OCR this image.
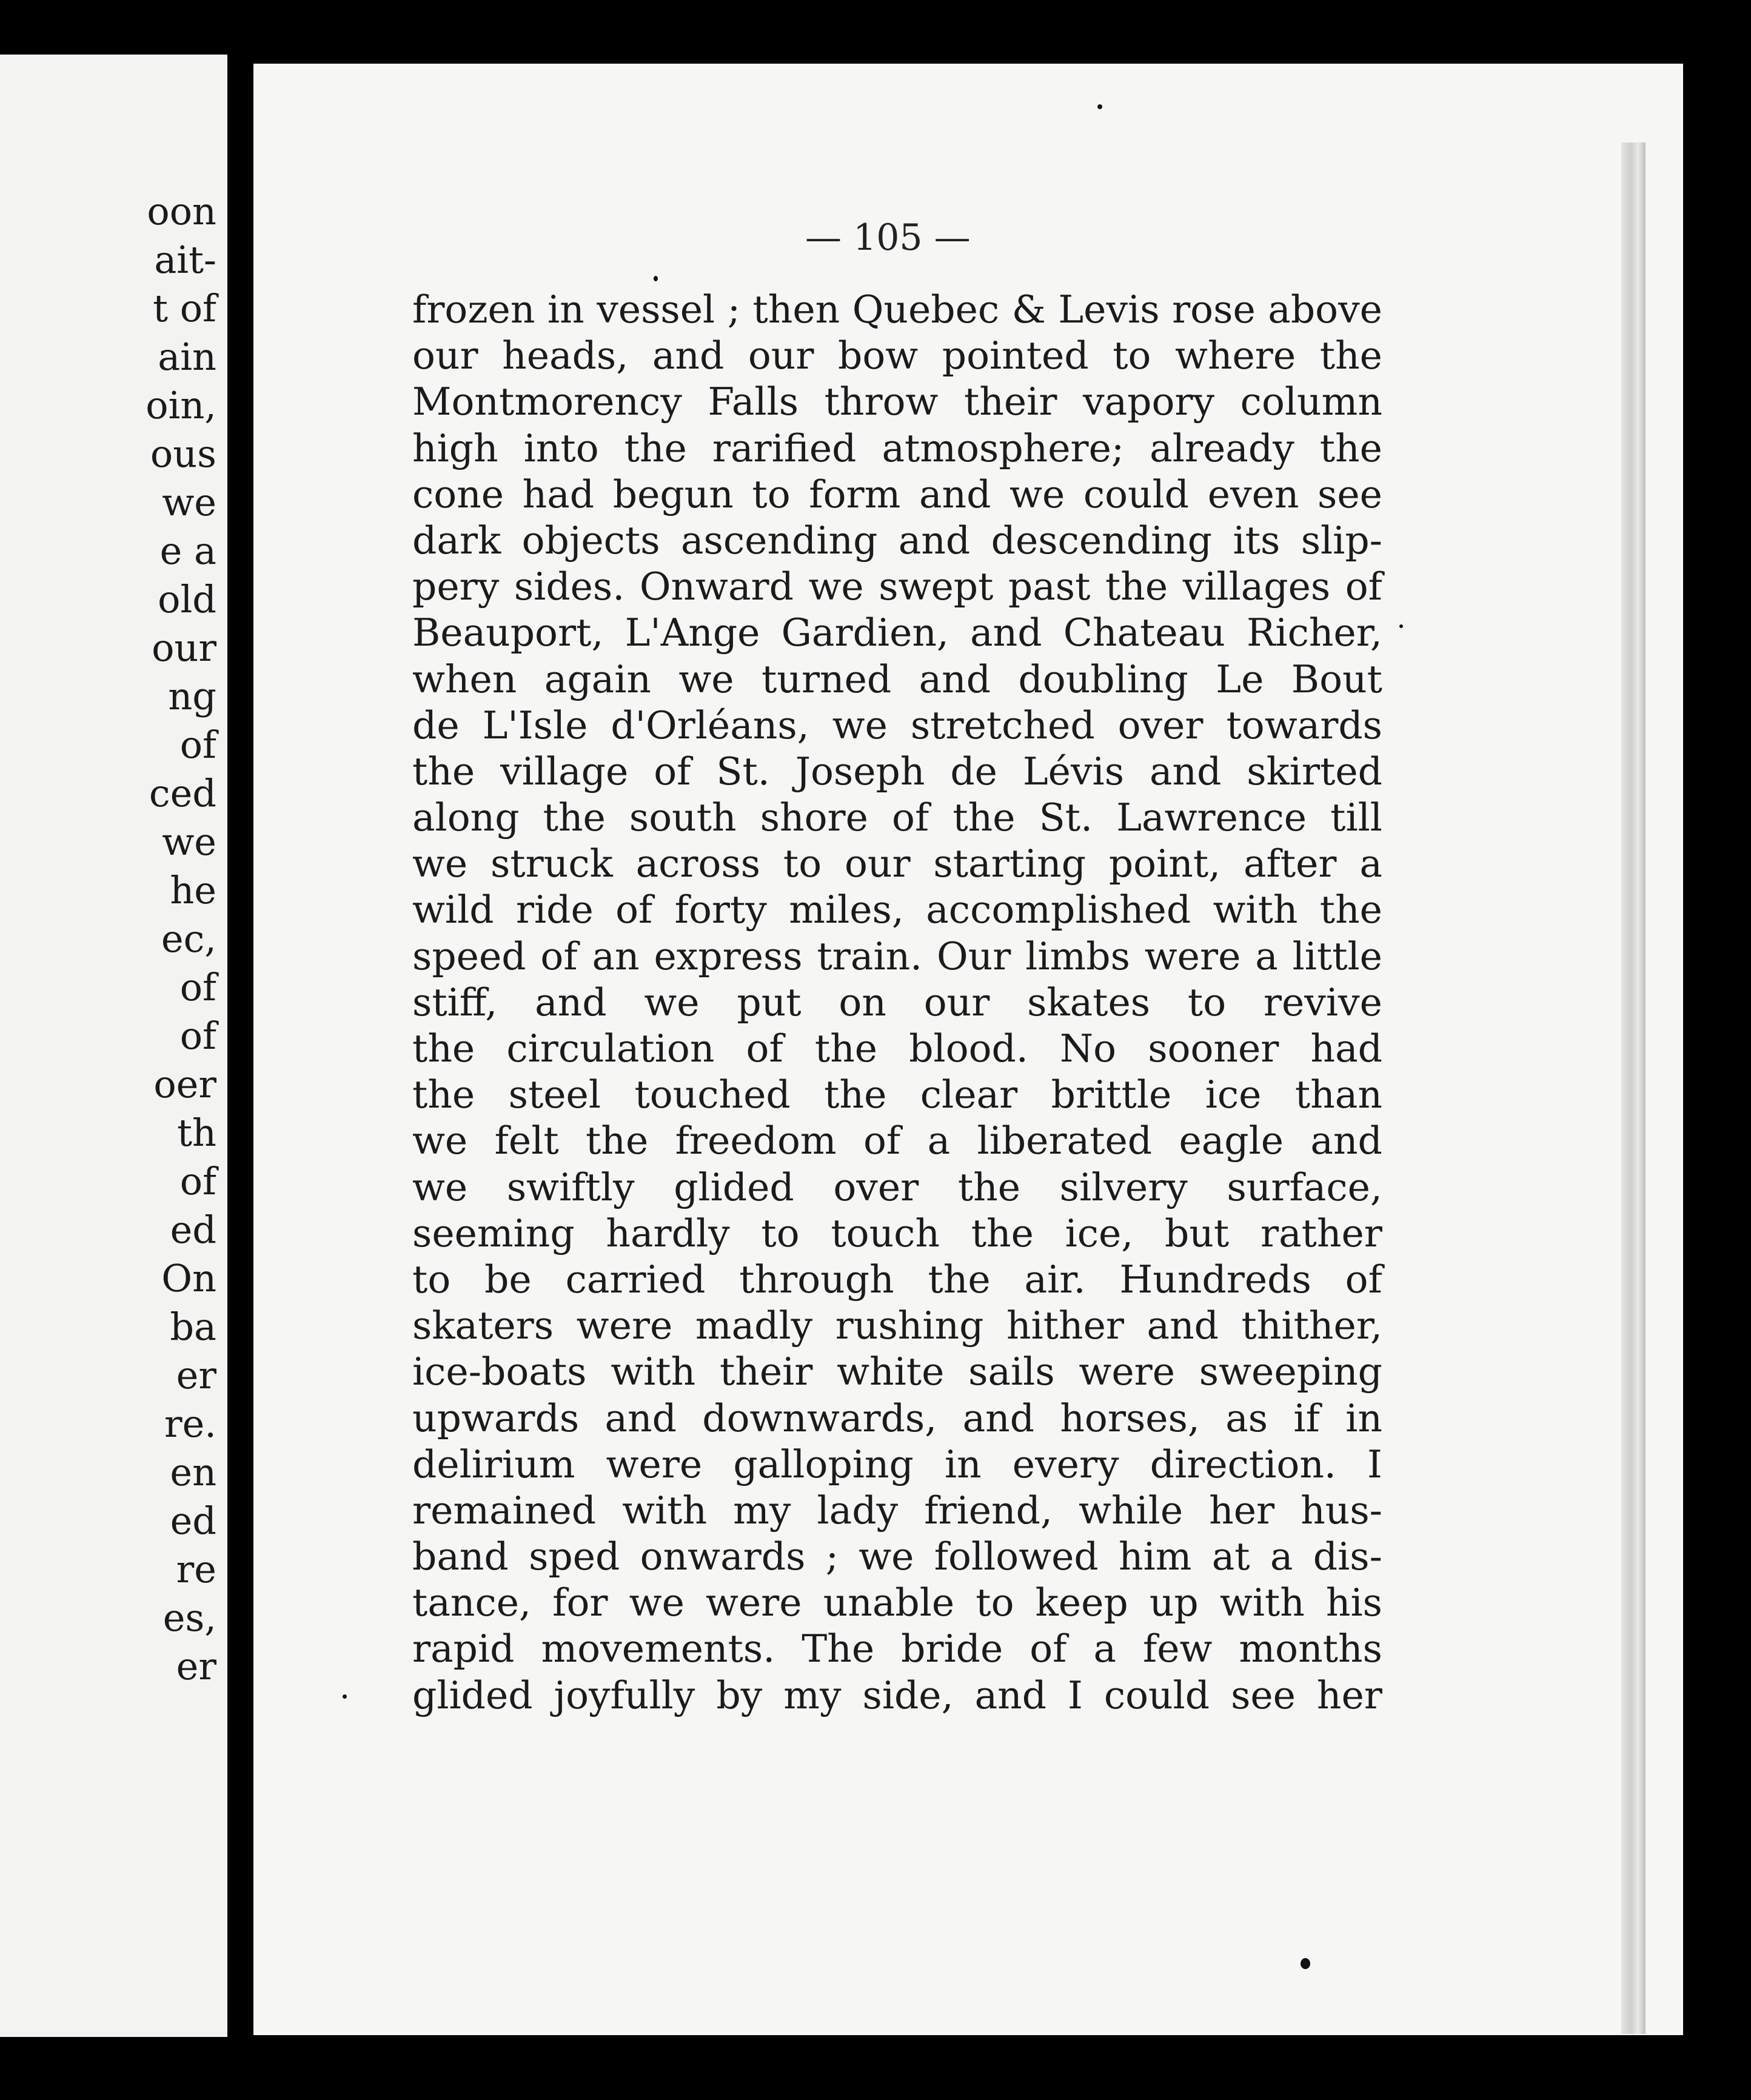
oon
ait-
t of
ain
oin,
ous
we
e a
old
our
ng
of
ced
we
he
ec,
of
of
oer
th
of
ed
On
ba
er
re.
en
ed
re
es,
er
— 105 —
frozen in vessel ; then Quebec & Levis rose above
our heads, and our bow pointed to where the
Montmorency Falls throw their vapory column
high into the rarified atmosphere; already the
cone had begun to form and we could even see
dark objects ascending and descending its slip-
pery sides. Onward we swept past the villages of
Beauport, L'Ange Gardien, and Chateau Richer,
when again we turned and doubling Le Bout
de L'Isle d'Orléans, we stretched over towards
the village of St. Joseph de Lévis and skirted
along the south shore of the St. Lawrence till
we struck across to our starting point, after a
wild ride of forty miles, accomplished with the
speed of an express train. Our limbs were a little
stiff, and we put on our skates to revive
the circulation of the blood. No sooner had
the steel touched the clear brittle ice than
we felt the freedom of a liberated eagle and
we swiftly glided over the silvery surface,
seeming hardly to touch the ice, but rather
to be carried through the air. Hundreds of
skaters were madly rushing hither and thither,
ice-boats with their white sails were sweeping
upwards and downwards, and horses, as if in
delirium were galloping in every direction. I
remained with my lady friend, while her hus-
band sped onwards ; we followed him at a dis-
tance, for we were unable to keep up with his
rapid movements. The bride of a few months
glided joyfully by my side, and I could see her
